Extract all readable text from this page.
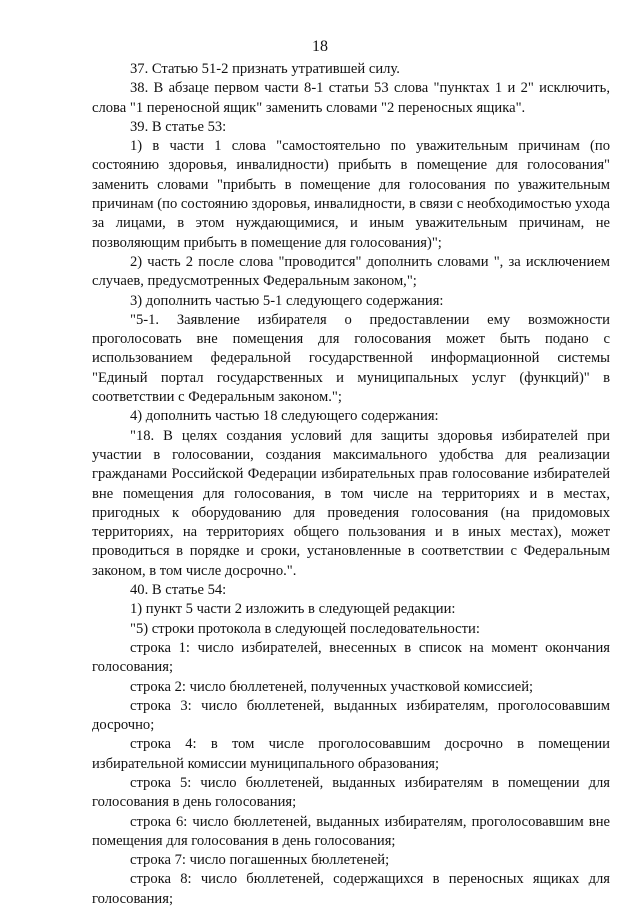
18

37. Статью 51-2 признать утратившей силу.

38. В абзаце первом части 8-1 статьи 53 слова "пунктах 1 и 2" исключить, слова "1 переносной ящик" заменить словами "2 переносных ящика".

39. В статье 53:

1) в части 1 слова "самостоятельно по уважительным причинам (по состоянию здоровья, инвалидности) прибыть в помещение для голосования" заменить словами "прибыть в помещение для голосования по уважительным причинам (по состоянию здоровья, инвалидности, в связи с необходимостью ухода за лицами, в этом нуждающимися, и иным уважительным причинам, не позволяющим прибыть в помещение для голосования)";

2) часть 2 после слова "проводится" дополнить словами ", за исключением случаев, предусмотренных Федеральным законом,";

3) дополнить частью 5-1 следующего содержания:

"5-1. Заявление избирателя о предоставлении ему возможности проголосовать вне помещения для голосования может быть подано с использованием федеральной государственной информационной системы "Единый портал государственных и муниципальных услуг (функций)" в соответствии с Федеральным законом.";

4) дополнить частью 18 следующего содержания:

"18. В целях создания условий для защиты здоровья избирателей при участии в голосовании, создания максимального удобства для реализации гражданами Российской Федерации избирательных прав голосование избирателей вне помещения для голосования, в том числе на территориях и в местах, пригодных к оборудованию для проведения голосования (на придомовых территориях, на территориях общего пользования и в иных местах), может проводиться в порядке и сроки, установленные в соответствии с Федеральным законом, в том числе досрочно.".

40. В статье 54:

1) пункт 5 части 2 изложить в следующей редакции:

"5) строки протокола в следующей последовательности:

строка 1: число избирателей, внесенных в список на момент окончания голосования;

строка 2: число бюллетеней, полученных участковой комиссией;

строка 3: число бюллетеней, выданных избирателям, проголосовавшим досрочно;

строка 4: в том числе проголосовавшим досрочно в помещении избирательной комиссии муниципального образования;

строка 5: число бюллетеней, выданных избирателям в помещении для голосования в день голосования;

строка 6: число бюллетеней, выданных избирателям, проголосовавшим вне помещения для голосования в день голосования;

строка 7: число погашенных бюллетеней;

строка 8: число бюллетеней, содержащихся в переносных ящиках для голосования;
